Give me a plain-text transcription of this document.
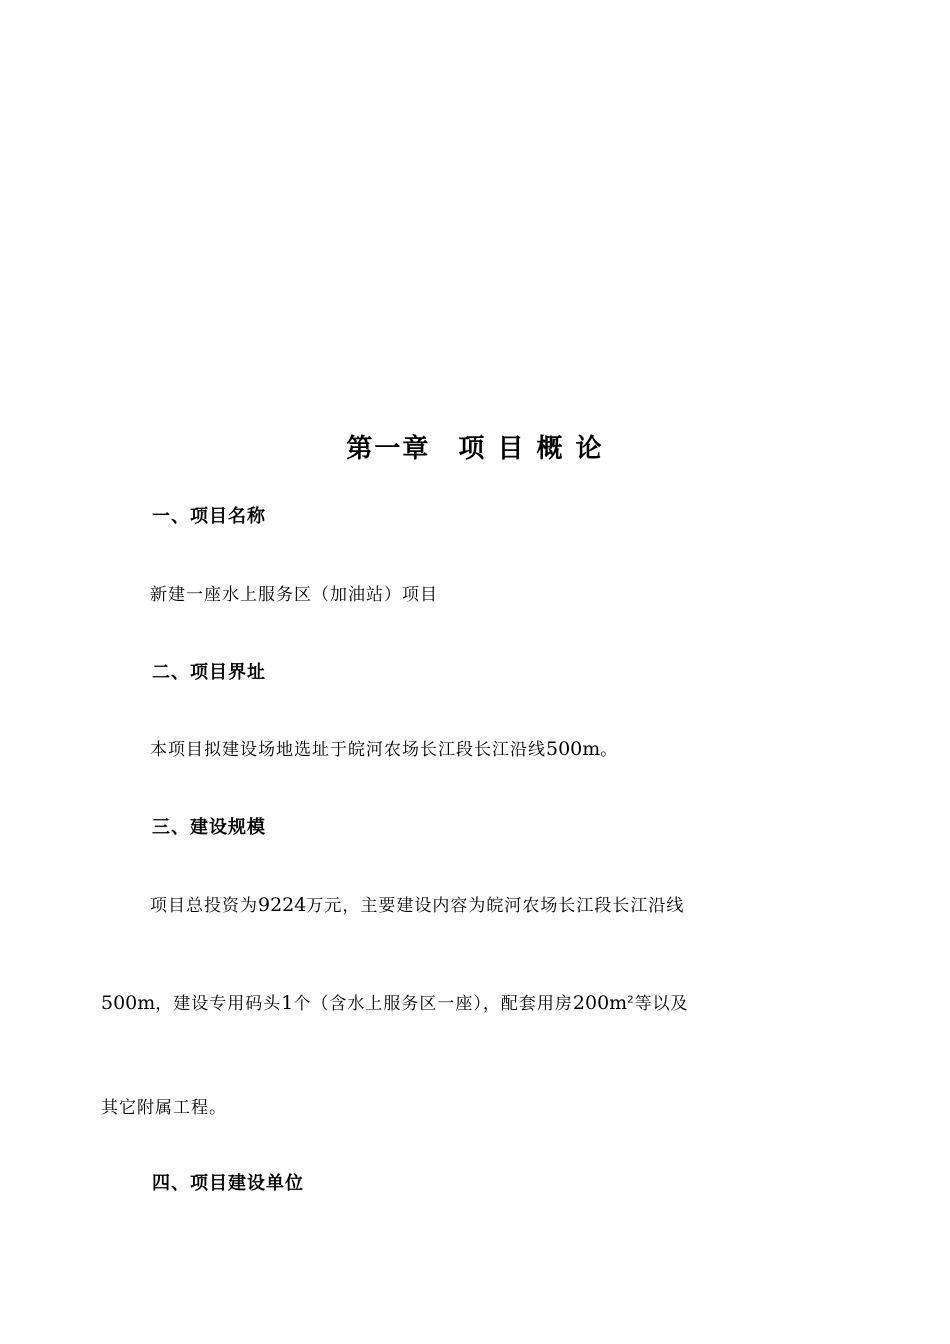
第一章　项 目 概 论
一、项目名称
新建一座水上服务区（加油站）项目
二、项目界址
本项目拟建设场地选址于皖河农场长江段长江沿线500m。
三、建设规模
项目总投资为9224万元，主要建设内容为皖河农场长江段长江沿线
500m，建设专用码头1个（含水上服务区一座），配套用房$200m^2$等以及
其它附属工程。
四、项目建设单位
